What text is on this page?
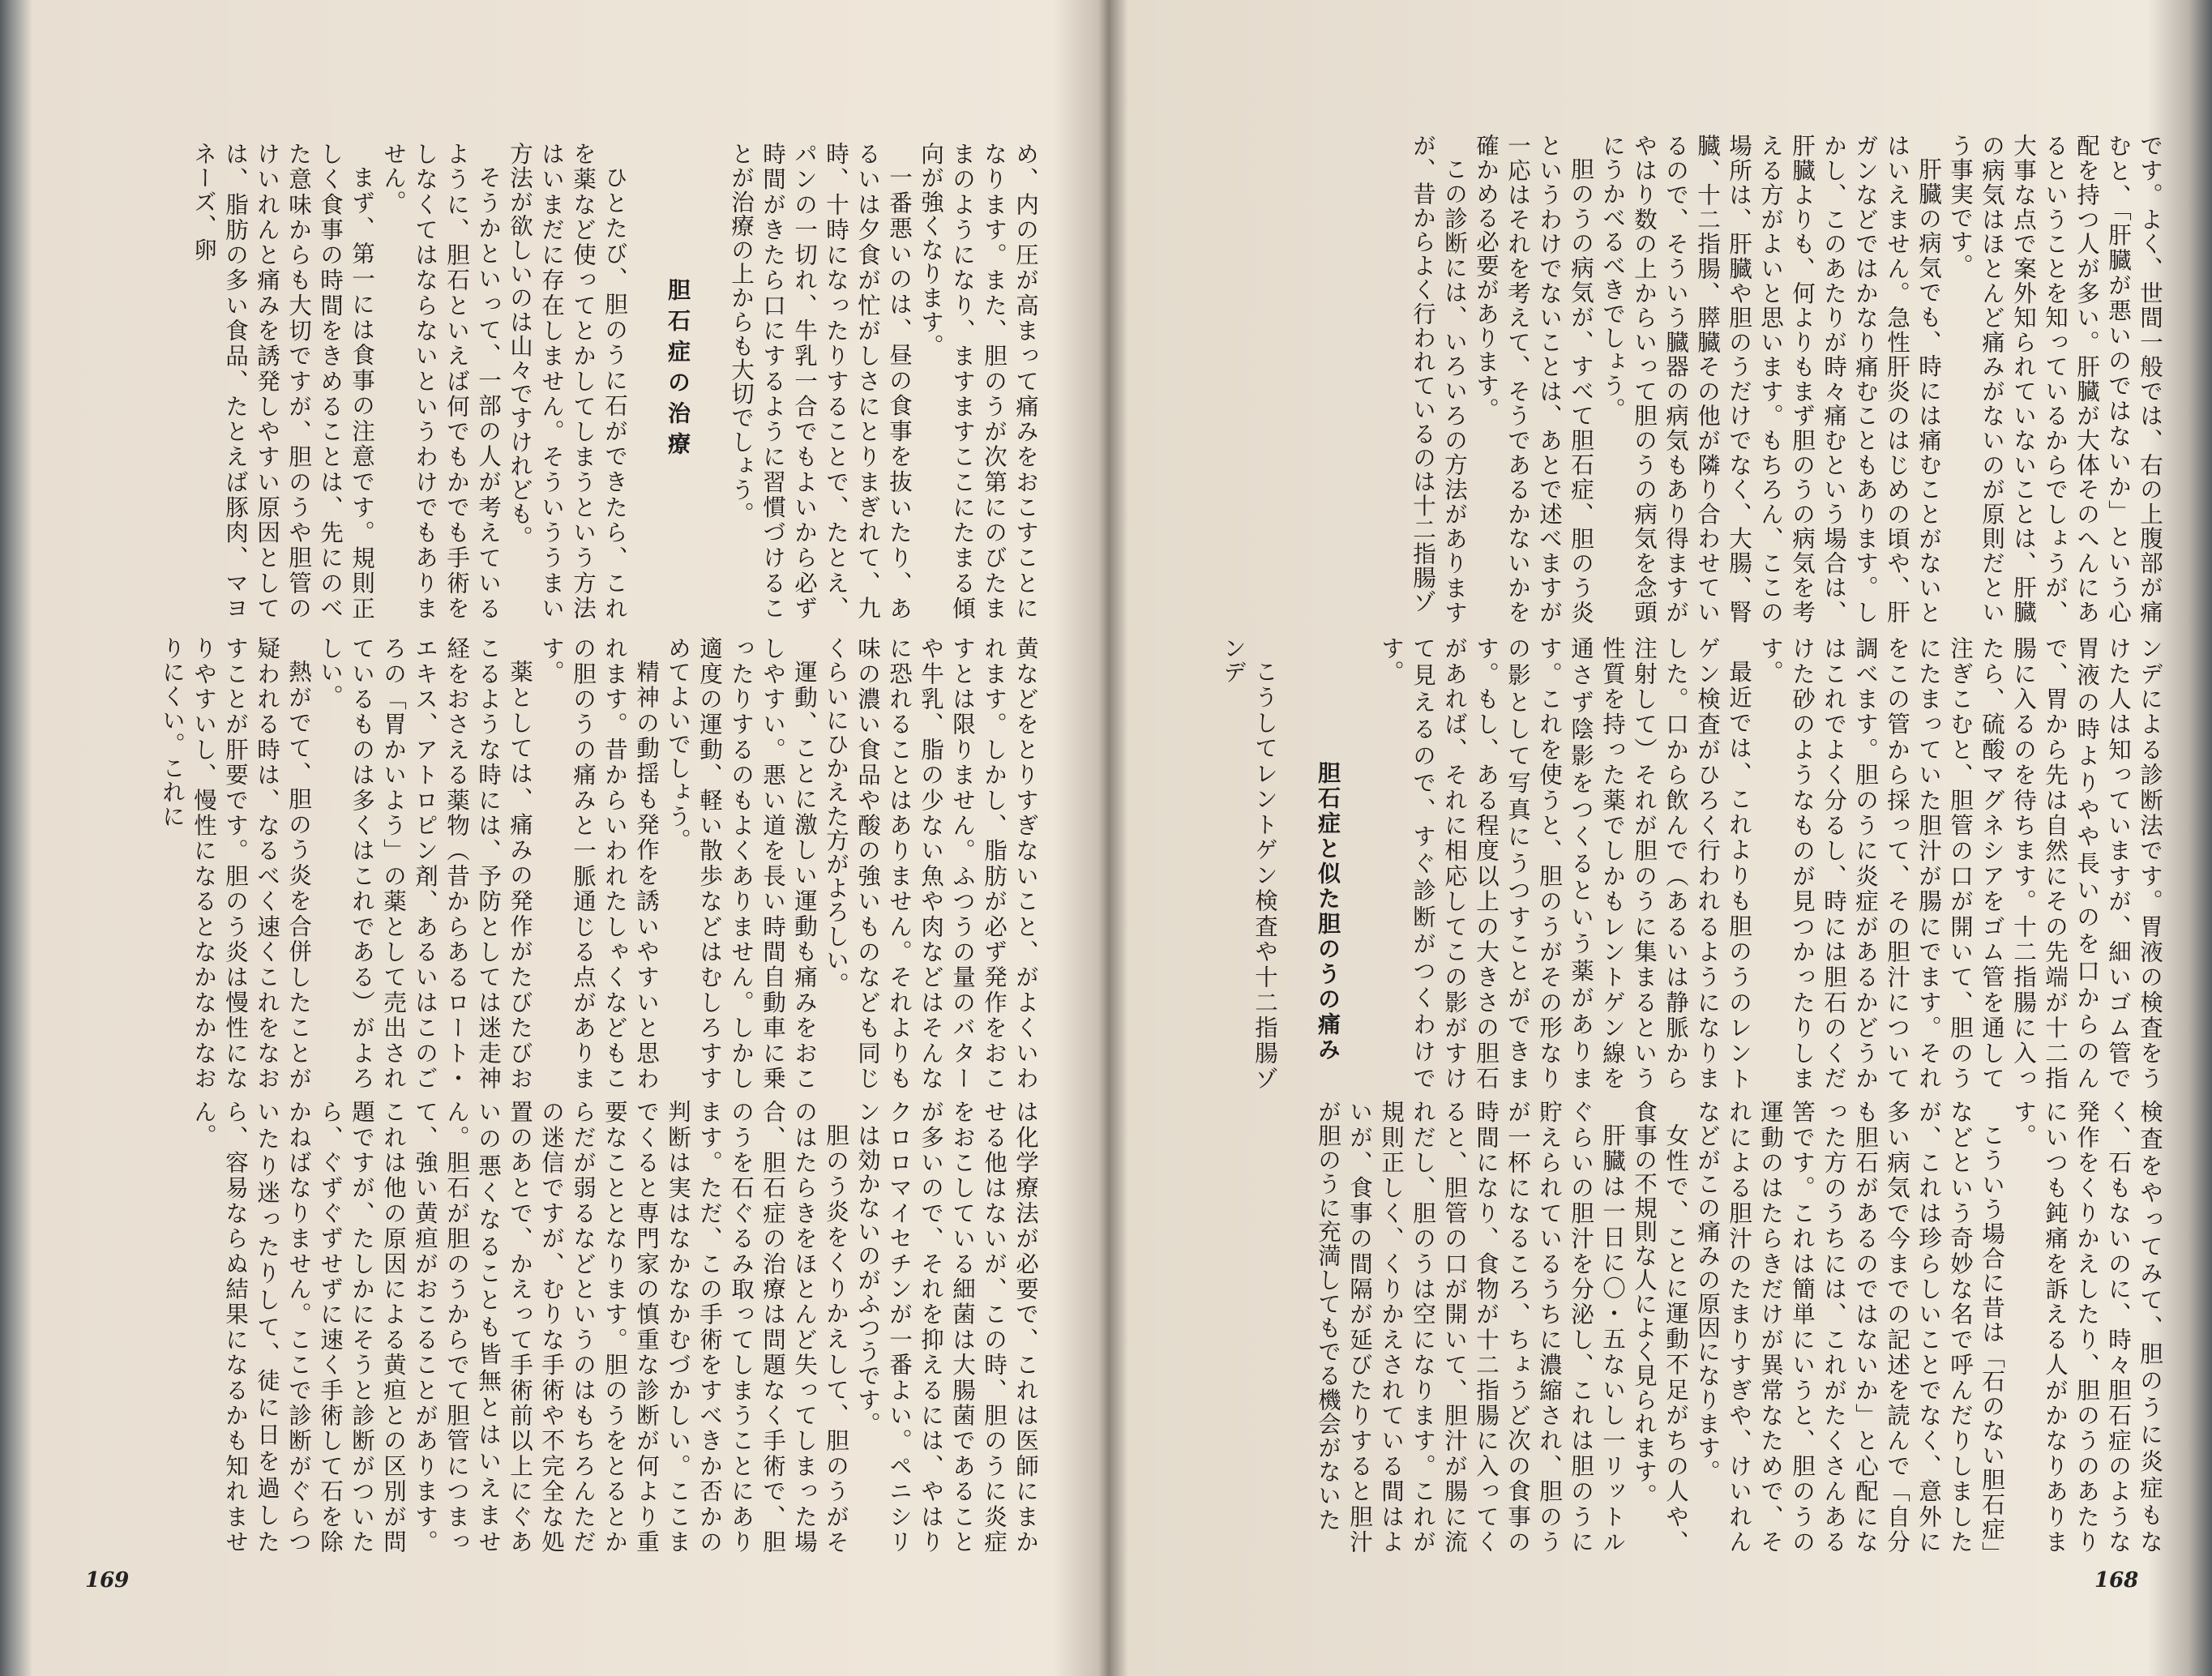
です。よく、世間一般では、右の上腹部が痛むと、「肝臓が悪いのではないか」という心配を持つ人が多い。肝臓が大体そのへんにあるということを知っているからでしょうが、大事な点で案外知られていないことは、肝臓の病気はほとんど痛みがないのが原則だという事実です。

肝臓の病気でも、時には痛むことがないとはいえません。急性肝炎のはじめの頃や、肝ガンなどではかなり痛むこともあります。しかし、このあたりが時々痛むという場合は、肝臓よりも、何よりもまず胆のうの病気を考える方がよいと思います。もちろん、ここの場所は、肝臓や胆のうだけでなく、大腸、腎臓、十二指腸、膵臓その他が隣り合わせているので、そういう臓器の病気もあり得ますがやはり数の上からいって胆のうの病気を念頭にうかべるべきでしょう。

胆のうの病気が、すべて胆石症、胆のう炎というわけでないことは、あとで述べますが一応はそれを考えて、そうであるかないかを確かめる必要があります。

この診断には、いろいろの方法がありますが、昔からよく行われているのは十二指腸ゾ

ンデによる診断法です。胃液の検査をうけた人は知っていますが、細いゴム管で胃液の時よりやや長いのを口からのんで、胃から先は自然にその先端が十二指腸に入るのを待ちます。十二指腸に入ったら、硫酸マグネシアをゴム管を通して注ぎこむと、胆管の口が開いて、胆のうにたまっていた胆汁が腸にでます。それをこの管から採って、その胆汁について調べます。胆のうに炎症があるかどうかはこれでよく分るし、時には胆石のくだけた砂のようなものが見つかったりします。

最近では、これよりも胆のうのレントゲン検査がひろく行われるようになりました。口から飲んで（あるいは静脈から注射して）それが胆のうに集まるという性質を持った薬でしかもレントゲン線を通さず陰影をつくるという薬があります。これを使うと、胆のうがその形なりの影として写真にうつすことができます。もし、ある程度以上の大きさの胆石があれば、それに相応してこの影がすけて見えるので、すぐ診断がつくわけです。

胆石症と似た胆のうの痛み

こうしてレントゲン検査や十二指腸ゾンデ

検査をやってみて、胆のうに炎症もなく、石もないのに、時々胆石症のような発作をくりかえしたり、胆のうのあたりにいつも鈍痛を訴える人がかなりあります。

こういう場合に昔は「石のない胆石症」などという奇妙な名で呼んだりしましたが、これは珍らしいことでなく、意外に多い病気で今までの記述を読んで「自分も胆石があるのではないか」と心配になった方のうちには、これがたくさんある筈です。これは簡単にいうと、胆のうの運動のはたらきだけが異常なためで、それによる胆汁のたまりすぎや、けいれんなどがこの痛みの原因になります。

女性で、ことに運動不足がちの人や、食事の不規則な人によく見られます。

肝臓は一日に〇・五ないし一リットルぐらいの胆汁を分泌し、これは胆のうに貯えられているうちに濃縮され、胆のうが一杯になるころ、ちょうど次の食事の時間になり、食物が十二指腸に入ってくると、胆管の口が開いて、胆汁が腸に流れだし、胆のうは空になります。これが規則正しく、くりかえされている間はよいが、食事の間隔が延びたりすると胆汁が胆のうに充満してもでる機会がないた

168

め、内の圧が高まって痛みをおこすことになります。また、胆のうが次第にのびたままのようになり、ますますここにたまる傾向が強くなります。

一番悪いのは、昼の食事を抜いたり、あるいは夕食が忙がしさにとりまぎれて、九時、十時になったりすることで、たとえ、パンの一切れ、牛乳一合でもよいから必ず時間がきたら口にするように習慣づけることが治療の上からも大切でしょう。

胆石症の治療

ひとたび、胆のうに石ができたら、これを薬など使ってとかしてしまうという方法はいまだに存在しません。そういううまい方法が欲しいのは山々ですけれども。

そうかといって、一部の人が考えているように、胆石といえば何でもかでも手術をしなくてはならないというわけでもありません。

まず、第一には食事の注意です。規則正しく食事の時間をきめることは、先にのべた意味からも大切ですが、胆のうや胆管のけいれんと痛みを誘発しやすい原因としては、脂肪の多い食品、たとえば豚肉、マヨネーズ、卵

黄などをとりすぎないこと、がよくいわれます。しかし、脂肪が必ず発作をおこすとは限りません。ふつうの量のバターや牛乳、脂の少ない魚や肉などはそんなに恐れることはありません。それよりも味の濃い食品や酸の強いものなども同じくらいにひかえた方がよろしい。

運動、ことに激しい運動も痛みをおこしやすい。悪い道を長い時間自動車に乗ったりするのもよくありません。しかし適度の運動、軽い散歩などはむしろすすめてよいでしょう。

精神の動揺も発作を誘いやすいと思われます。昔からいわれたしゃくなどもこの胆のうの痛みと一脈通じる点があります。

薬としては、痛みの発作がたびたびおこるような時には、予防としては迷走神経をおさえる薬物（昔からあるロート・エキス、アトロピン剤、あるいはこのごろの「胃かいよう」の薬として売出されているものは多くはこれである）がよろしい。

熱がでて、胆のう炎を合併したことが疑われる時は、なるべく速くこれをなおすことが肝要です。胆のう炎は慢性になりやすいし、慢性になるとなかなかなおりにくい。これに

は化学療法が必要で、これは医師にまかせる他はないが、この時、胆のうに炎症をおこしている細菌は大腸菌であることが多いので、それを抑えるには、やはりクロロマイセチンが一番よい。ペニシリンは効かないのがふつうです。

胆のう炎をくりかえして、胆のうがそのはたらきをほとんど失ってしまった場合、胆石症の治療は問題なく手術で、胆のうを石ぐるみ取ってしまうことにあります。ただ、この手術をすべきか否かの判断は実はなかなかむづかしい。ここまでくると専門家の慎重な診断が何より重要なこととなります。胆のうをとるとからだが弱るなどというのはもちろんただの迷信ですが、むりな手術や不完全な処置のあとで、かえって手術前以上にぐあいの悪くなることも皆無とはいえません。胆石が胆のうからでて胆管につまって、強い黄疸がおこることがあります。これは他の原因による黄疸との区別が問題ですが、たしかにそうと診断がついたら、ぐずぐずせずに速く手術して石を除かねばなりません。ここで診断がぐらついたり迷ったりして、徒に日を過したら、容易ならぬ結果になるかも知れません。

169
